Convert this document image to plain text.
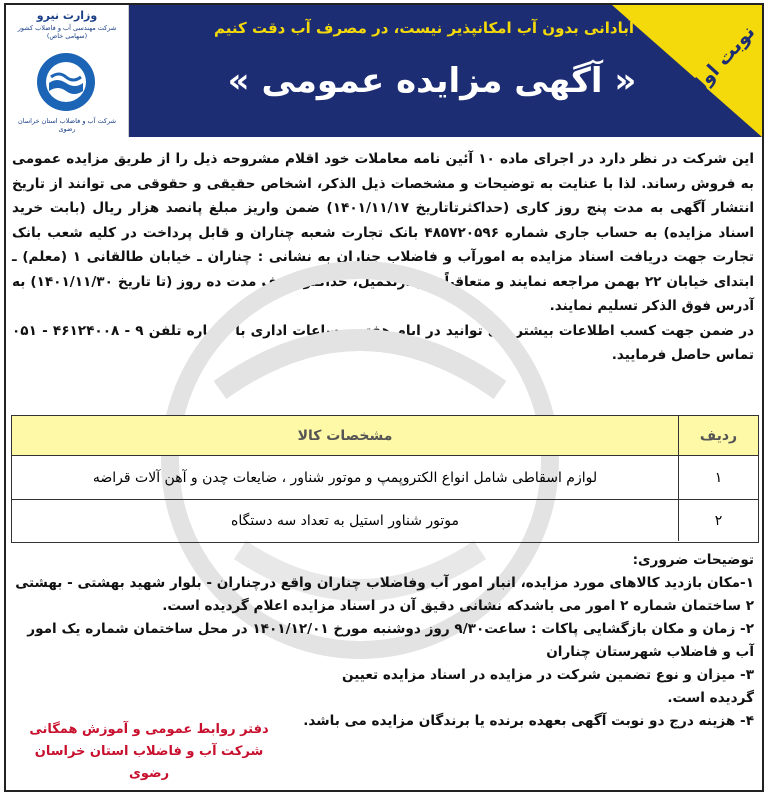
وزارت نیرو
شرکت مهندسی آب و فاضلاب کشور (سهامی خاص)
شرکت آب و فاضلاب استان خراسان رضوی
نوبت اول
آبادانی بدون آب امکانپذیر نیست، در مصرف آب دقت کنیم
« آگهی مزایده عمومی »

این شرکت در نظر دارد در اجرای ماده ۱۰ آئین نامه معاملات خود اقلام مشروحه ذیل را از طریق مزایده عمومی به فروش رساند. لذا با عنایت به توضیحات و مشخصات ذیل الذکر، اشخاص حقیقی و حقوقی می توانند از تاریخ انتشار آگهی به مدت پنج روز کاری (حداکثرتاتاریخ ۱۴۰۱/۱۱/۱۷) ضمن واریز مبلغ پانصد هزار ریال (بابت خرید اسناد مزایده) به حساب جاری شماره ۴۸۵۷۲۰۵۹۶ بانک تجارت شعبه چناران و قابل پرداخت در کلیه شعب بانک تجارت جهت دریافت اسناد مزایده به امورآب و فاضلاب چناران به نشانی : چناران ـ خیابان طالقانی ۱ (معلم) ـ ابتدای خیابان ۲۲ بهمن مراجعه نمایند و متعاقباً پس ازتکمیل، حداکثر ظرف مدت ده روز (تا تاریخ ۱۴۰۱/۱۱/۳۰) به آدرس فوق الذکر تسلیم نمایند.

در ضمن جهت کسب اطلاعات بیشتر می توانید در ایام هفته و ساعات اداری با شماره تلفن ۹ - ۴۶۱۲۴۰۰۸ - ۰۵۱ تماس حاصل فرمایید.

ردیف
مشخصات کالا
۱
لوازم اسقاطی شامل انواع الکتروپمپ و موتور شناور ، ضایعات چدن و آهن آلات قراضه
۲
موتور شناور استیل به تعداد سه دستگاه

توضیحات ضروری:

۱-مکان بازدید کالاهای مورد مزایده، انبار امور آب وفاضلاب چناران واقع درچناران - بلوار شهید بهشتی - بهشتی ۲ ساختمان شماره ۲ امور می باشدکه نشانی دقیق آن در اسناد مزایده اعلام گردیده است.

۲- زمان و مکان بازگشایی پاکات : ساعت۹/۳۰ روز دوشنبه مورخ ۱۴۰۱/۱۲/۰۱ در محل ساختمان شماره یک امور آب و فاضلاب شهرستان چناران

۳- میزان و نوع تضمین شرکت در مزایده در اسناد مزایده تعیین گردیده است.

۴- هزینه درج دو نوبت آگهی بعهده برنده یا برندگان مزایده می باشد.

دفتر روابط عمومی و آموزش همگانی
شرکت آب و فاضلاب استان خراسان رضوی
